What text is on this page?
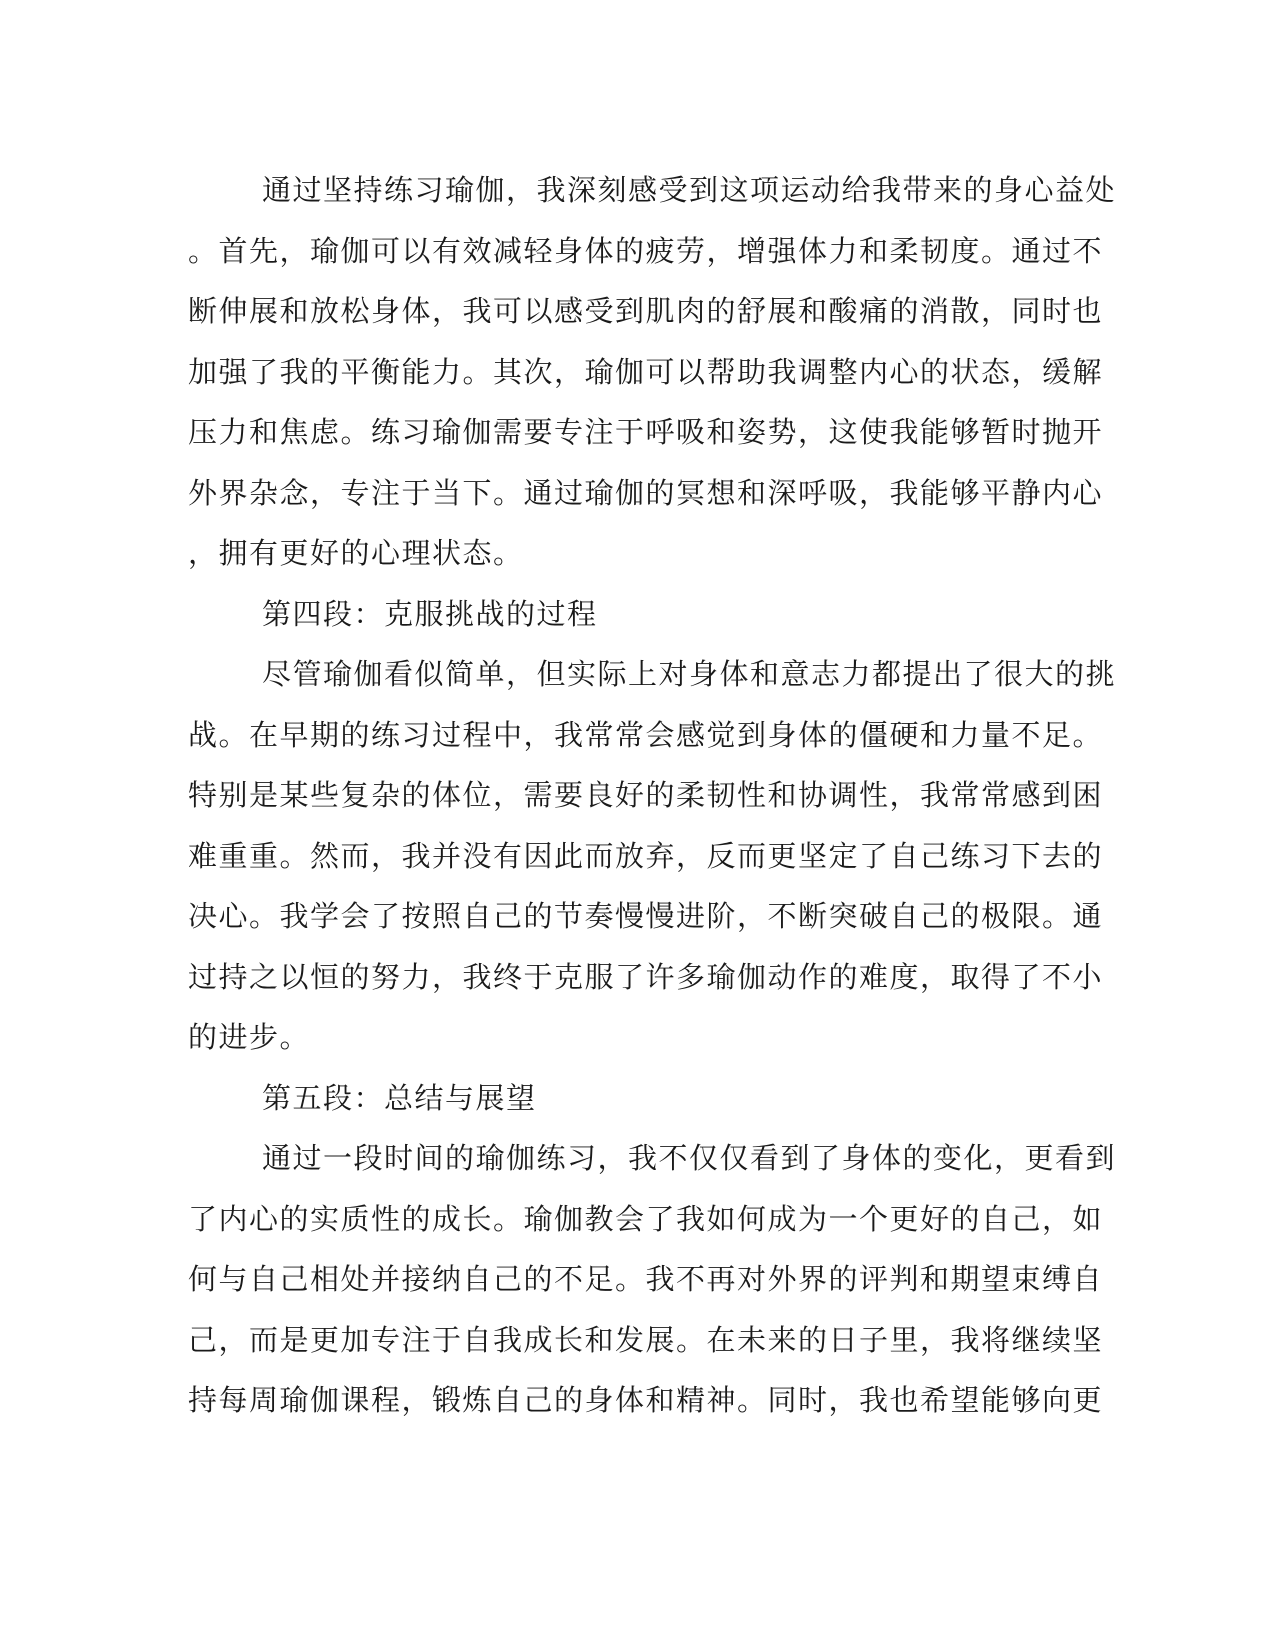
通过坚持练习瑜伽，我深刻感受到这项运动给我带来的身心益处
。首先，瑜伽可以有效减轻身体的疲劳，增强体力和柔韧度。通过不
断伸展和放松身体，我可以感受到肌肉的舒展和酸痛的消散，同时也
加强了我的平衡能力。其次，瑜伽可以帮助我调整内心的状态，缓解
压力和焦虑。练习瑜伽需要专注于呼吸和姿势，这使我能够暂时抛开
外界杂念，专注于当下。通过瑜伽的冥想和深呼吸，我能够平静内心
，拥有更好的心理状态。
第四段：克服挑战的过程
尽管瑜伽看似简单，但实际上对身体和意志力都提出了很大的挑
战。在早期的练习过程中，我常常会感觉到身体的僵硬和力量不足。
特别是某些复杂的体位，需要良好的柔韧性和协调性，我常常感到困
难重重。然而，我并没有因此而放弃，反而更坚定了自己练习下去的
决心。我学会了按照自己的节奏慢慢进阶，不断突破自己的极限。通
过持之以恒的努力，我终于克服了许多瑜伽动作的难度，取得了不小
的进步。
第五段：总结与展望
通过一段时间的瑜伽练习，我不仅仅看到了身体的变化，更看到
了内心的实质性的成长。瑜伽教会了我如何成为一个更好的自己，如
何与自己相处并接纳自己的不足。我不再对外界的评判和期望束缚自
己，而是更加专注于自我成长和发展。在未来的日子里，我将继续坚
持每周瑜伽课程，锻炼自己的身体和精神。同时，我也希望能够向更
